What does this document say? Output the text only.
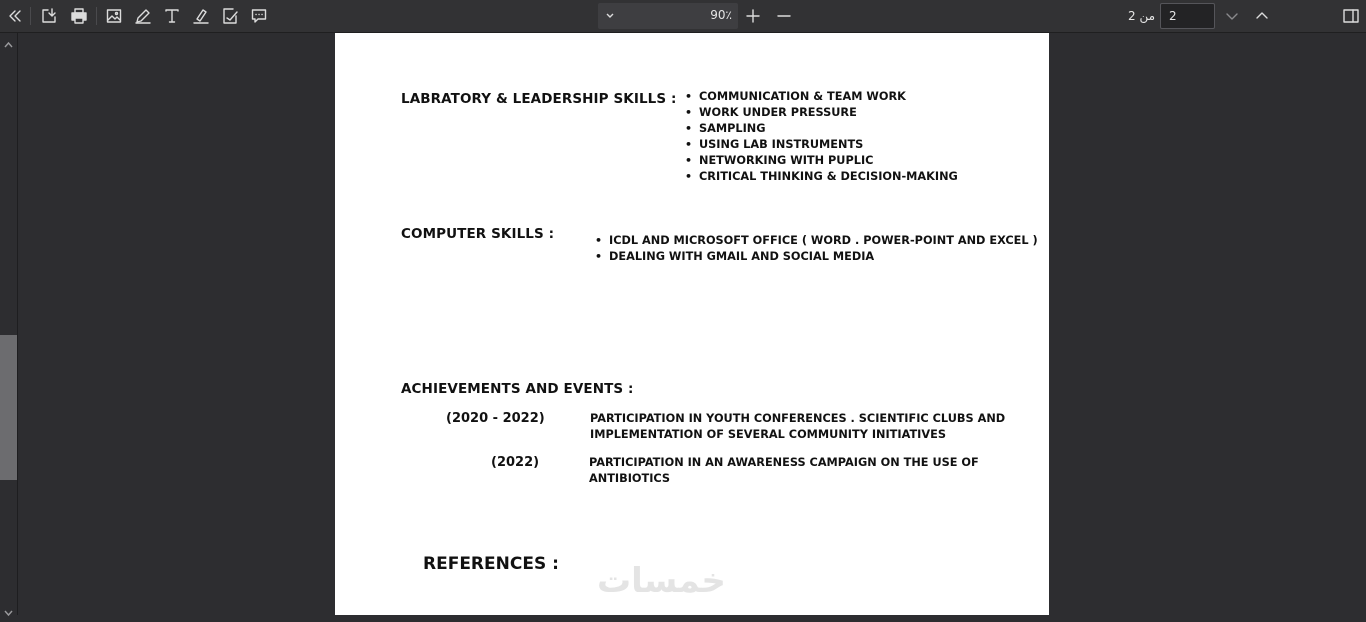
90٪	من 2
2
LABRATORY & LEADERSHIP SKILLS :	• COMMUNICATION & TEAM WORK
• WORK UNDER PRESSURE
• SAMPLING
• USING LAB INSTRUMENTS
• NETWORKING WITH PUPLIC
• CRITICAL THINKING & DECISION-MAKING
COMPUTER SKILLS :	• ICDL AND MICROSOFT OFFICE ( WORD . POWER-POINT AND EXCEL )
• DEALING WITH GMAIL AND SOCIAL MEDIA
ACHIEVEMENTS AND EVENTS :
(2020 - 2022)	PARTICIPATION IN YOUTH CONFERENCES . SCIENTIFIC CLUBS AND
IMPLEMENTATION OF SEVERAL COMMUNITY INITIATIVES
(2022)	PARTICIPATION IN AN AWARENESS CAMPAIGN ON THE USE OF
ANTIBIOTICS
REFERENCES : خمسات
